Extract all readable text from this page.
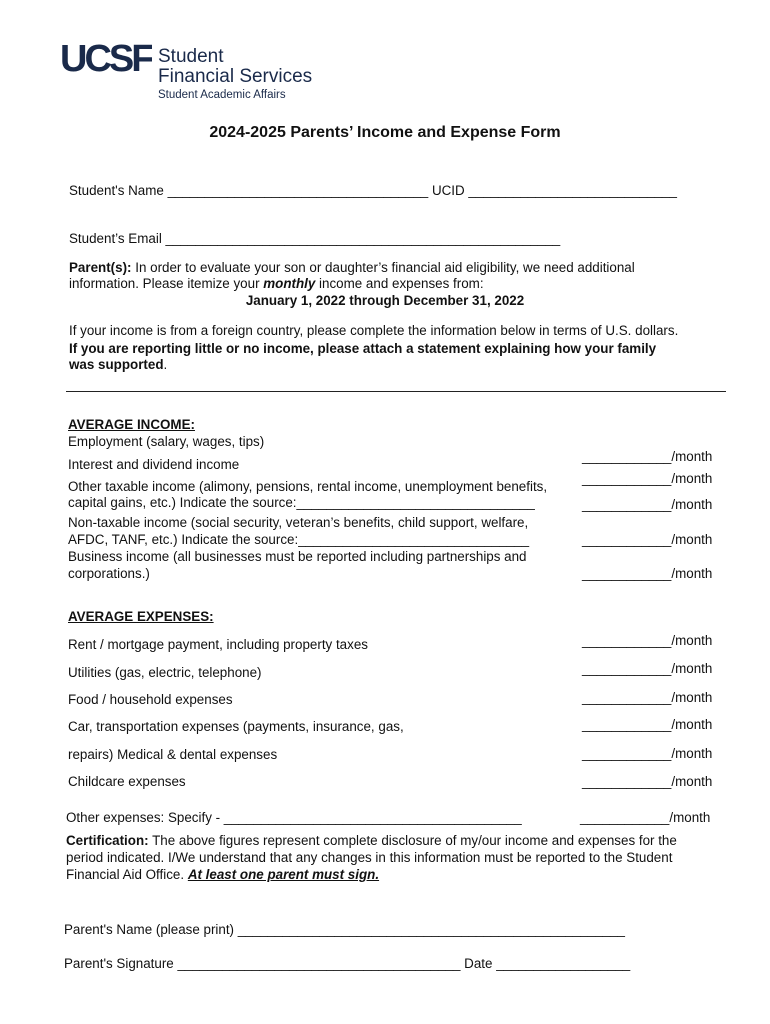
UCSF Student
Financial Services
Student Academic Affairs
2024-2025 Parents’ Income and Expense Form
Student's Name ___________________________________ UCID ____________________________
Student’s Email _____________________________________________________
Parent(s): In order to evaluate your son or daughter’s financial aid eligibility, we need additional
information. Please itemize your monthly income and expenses from:
January 1, 2022 through December 31, 2022
If your income is from a foreign country, please complete the information below in terms of U.S. dollars.
If you are reporting little or no income, please attach a statement explaining how your family
was supported.
AVERAGE INCOME:
Employment (salary, wages, tips)
Interest and dividend income
Other taxable income (alimony, pensions, rental income, unemployment benefits,
capital gains, etc.) Indicate the source:________________________________
Non-taxable income (social security, veteran’s benefits, child support, welfare,
AFDC, TANF, etc.) Indicate the source:_______________________________
Business income (all businesses must be reported including partnerships and
corporations.)
____________/month
____________/month
____________/month
____________/month
____________/month
AVERAGE EXPENSES:
Rent / mortgage payment, including property taxes
Utilities (gas, electric, telephone)
Food / household expenses
Car, transportation expenses (payments, insurance, gas,
repairs) Medical & dental expenses
Childcare expenses
Other expenses: Specify - ________________________________________
____________/month
____________/month
____________/month
____________/month
____________/month
____________/month
____________/month
Certification: The above figures represent complete disclosure of my/our income and expenses for the
period indicated. I/We understand that any changes in this information must be reported to the Student
Financial Aid Office. At least one parent must sign.
Parent's Name (please print) ____________________________________________________
Parent's Signature ______________________________________ Date __________________
